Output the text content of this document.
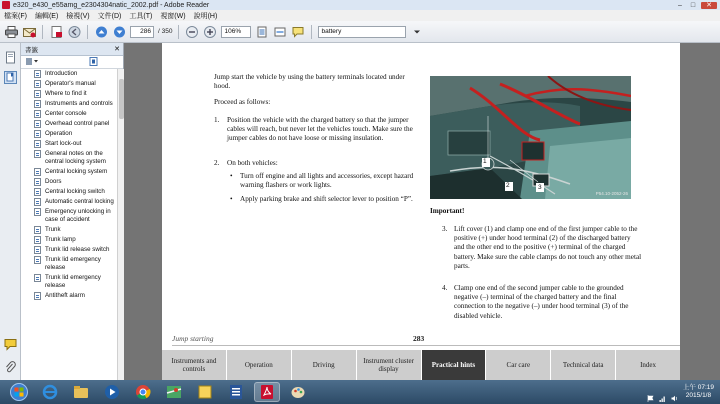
e320_e430_e55amg_e2304304natic_2002.pdf - Adobe Reader	–	□	✕
檔案(F)	編輯(E)	檢視(V)	文件(D)	工具(T)	視窗(W)	說明(H)
286	/ 350	106%	battery
書籤	✕
Introduction
Operator's manual
Where to find it
Instruments and controls
Center console
Overhead control panel
Operation
Start lock-out
General notes on the central locking system
Central locking system
Doors
Central locking switch
Automatic central locking
Emergency unlocking in case of accident
Trunk
Trunk lamp
Trunk lid release switch
Trunk lid emergency release
Trunk lid emergency release
Antitheft alarm
Jump start the vehicle by using the battery terminals located under hood.
Proceed as follows:
1. Position the vehicle with the charged battery so that the jumper cables will reach, but never let the vehicles touch. Make sure the jumper cables do not have loose or missing insulation.
2. On both vehicles:
• Turn off engine and all lights and accessories, except hazard warning flashers or work lights.
• Apply parking brake and shift selector lever to position “P”.
1
2	3
P54.10-2052-26
Important!
3. Lift cover (1) and clamp one end of the first jumper cable to the positive (+) under hood terminal (2) of the discharged battery and the other end to the positive (+) terminal of the charged battery. Make sure the cable clamps do not touch any other metal parts.
4. Clamp one end of the second jumper cable to the grounded negative (–) terminal of the charged battery and the final connection to the negative (–) under hood terminal (3) of the disabled vehicle.
Jump starting	283
Instruments and controls	Operation	Driving	Instrument cluster display	Practical hints	Car care	Technical data	Index
上午 07:19
2015/1/8
